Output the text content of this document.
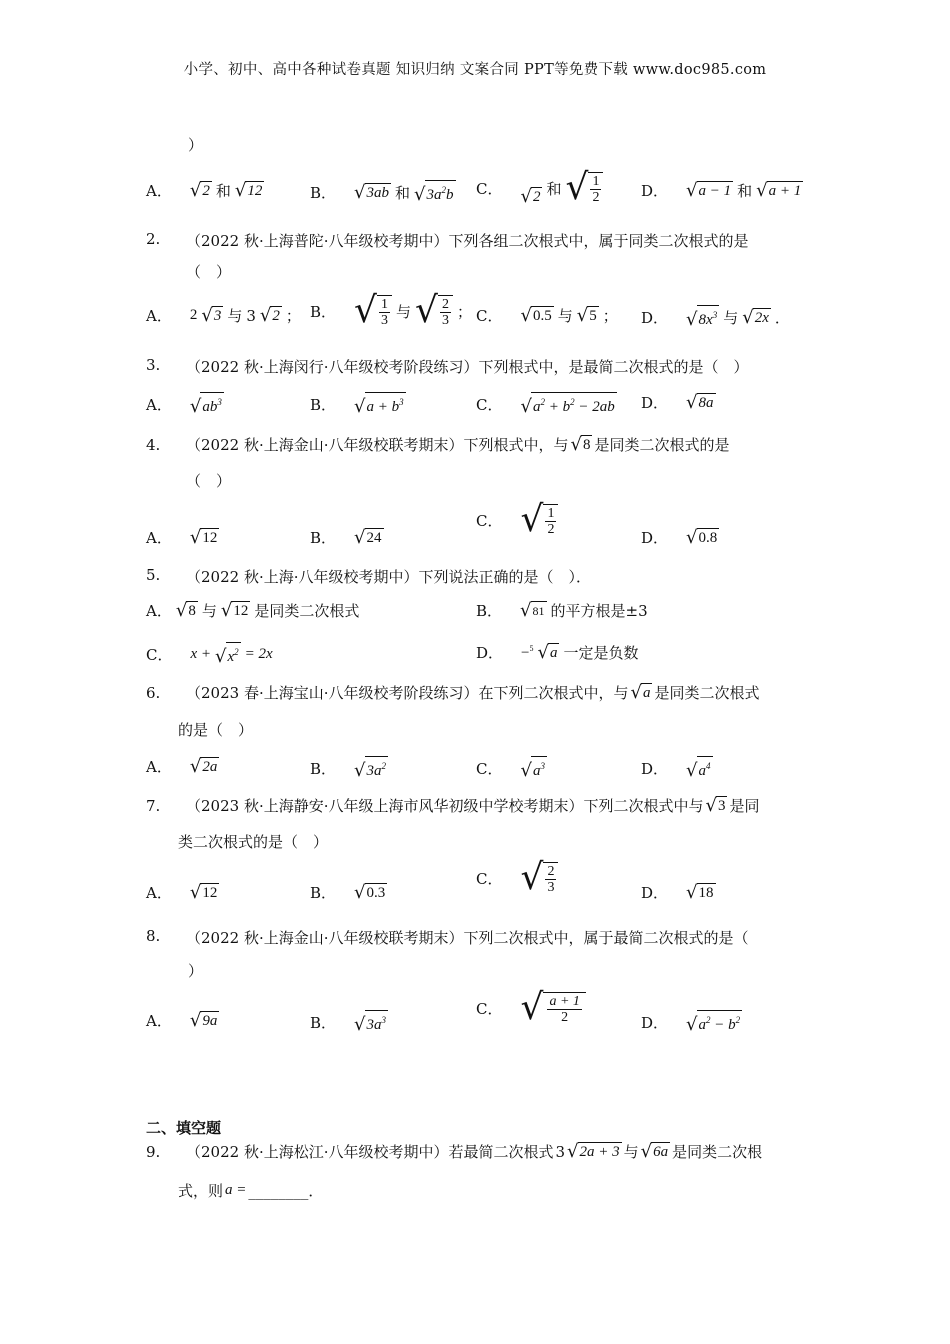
小学、初中、高中各种试卷真题 知识归纳 文案合同 PPT等免费下载 www.doc985.com
）
A． √ 2 和 √ 12	B． √ 3ab 和 √ $3a^2b$ C． √ 2 和 √ $\frac{1}{2}$	D． √ a − 1 和 √ a + 1
2. （2022 秋·上海普陀·八年级校考期中）下列各组二次根式中，属于同类二次根式的是
（　）
A． 2 √ 3 与 3 √ 2 ； B． √ $\frac{1}{3}$ 与 √ $\frac{2}{3}$ ； C． √ 0.5 与 √ 5 ； D． √ $8x^3$ 与 √ 2x ．
3. （2022 秋·上海闵行·八年级校考阶段练习）下列根式中，是最简二次根式的是（　）
A． √ $ab^3$	B． √ $a + b^3$	C． √ $a^2 + b^2 - 2ab$ D． √ 8a
4. （2022 秋·上海金山·八年级校联考期末）下列根式中，与 √ 8 是同类二次根式的是
（　）
A． √ 12	B． √ 24
C． √ $\frac{1}{2}$	D． √ 0.8
5. （2022 秋·上海·八年级校考期中）下列说法正确的是（　）．
A． √ 8 与 √ 12 是同类二次根式	B． √ 81 的平方根是±3
C． x + √ $x^2 = 2x$	D． −$^5$ √ a 一定是负数
6. （2023 春·上海宝山·八年级校考阶段练习）在下列二次根式中，与 √ a 是同类二次根式
的是（　）
A． √ 2a	B． √ $3a^2$	C． √ $a^3$	D． √ $a^4$
7. （2023 秋·上海静安·八年级上海市风华初级中学校考期末）下列二次根式中与 √ 3 是同
类二次根式的是（　）
A． √ 12	B． √ 0.3
C． √ $\frac{2}{3}$	D． √ 18
8. （2022 秋·上海金山·八年级校联考期末）下列二次根式中，属于最简二次根式的是（
）
A． √ 9a	B． √ $3a^3$
C． √ $\frac{a + 1}{2}$	D． √ $a^2 - b^2$
二、填空题
9. （2022 秋·上海松江·八年级校考期中）若最简二次根式 3 √ 2a + 3 与 √ 6a 是同类二次根
式，则 a = ________．
